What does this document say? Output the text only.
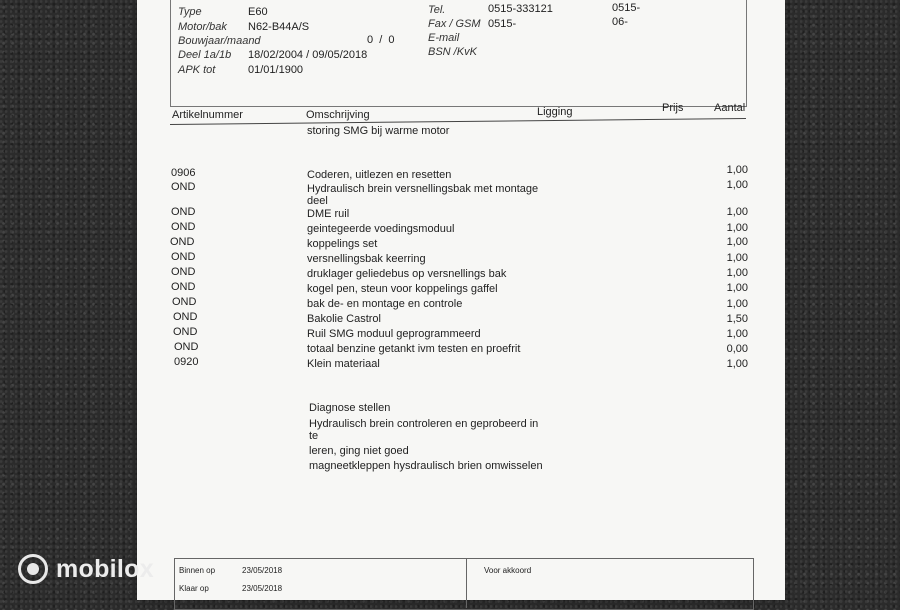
Type	E60
Motor/bak N62-B44A/S
Bouwjaar/maand	0  /  0
Deel 1a/1b 18/02/2004 / 09/05/2018
APK tot	01/01/1900
Tel.	0515-333121	0515-
Fax / GSM 0515-	06-
E-mail
BSN /KvK
Artikelnummer	Omschrijving	Ligging	Prijs	Aantal
storing SMG bij warme motor
0906	Coderen, uitlezen en resetten	1,00
OND	Hydraulisch brein versnellingsbak met montage deel
1,00
OND	DME ruil	1,00
OND	geintegeerde voedingsmoduul	1,00
OND	koppelings set	1,00
OND	versnellingsbak keerring	1,00
OND	druklager geliedebus op versnellings bak	1,00
OND	kogel pen, steun voor koppelings gaffel	1,00
OND	bak de- en montage en controle	1,00
OND	Bakolie Castrol	1,50
OND	Ruil SMG moduul geprogrammeerd	1,00
OND	totaal benzine getankt ivm testen en proefrit	0,00
0920	Klein materiaal	1,00
Diagnose stellen
Hydraulisch brein controleren en geprobeerd in te
leren, ging niet goed
magneetkleppen hysdraulisch brien omwisselen
Binnen op	23/05/2018
Klaar op	23/05/2018
Voor akkoord
mobilox
